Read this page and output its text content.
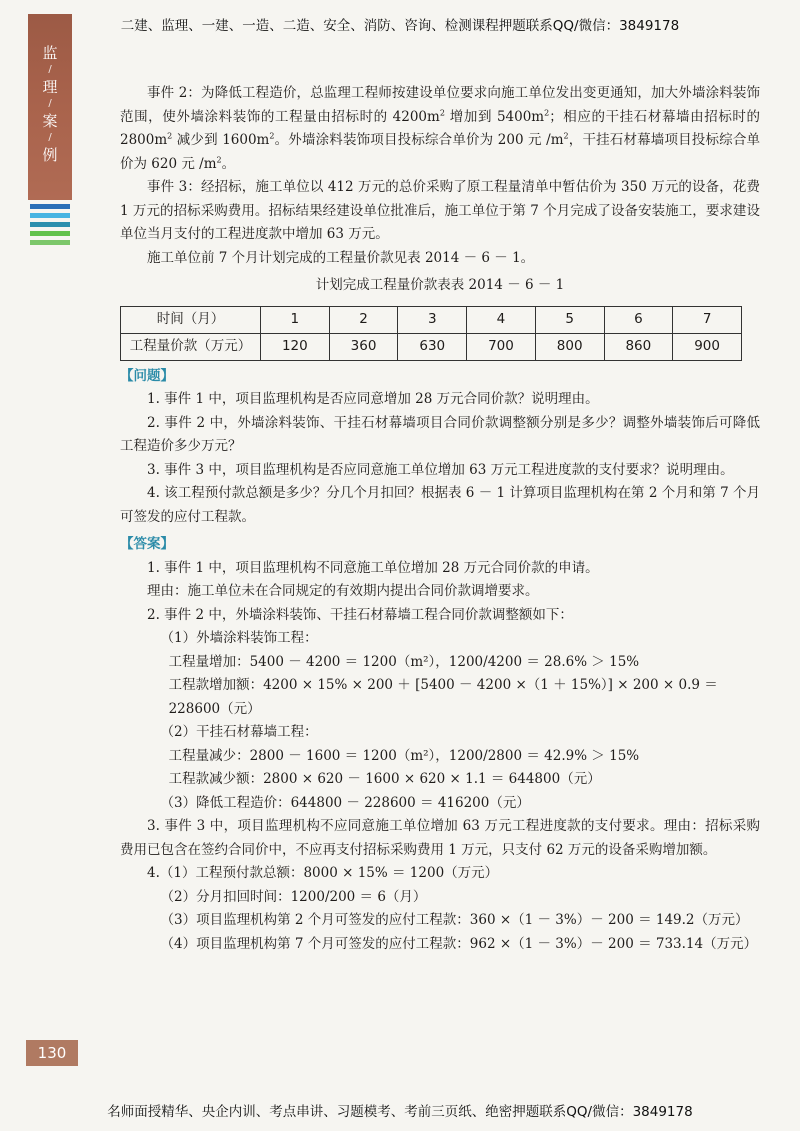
二建、监理、一建、一造、二造、安全、消防、咨询、检测课程押题联系QQ/微信：3849178
监
/
理
/
案
/
例

事件 2：为降低工程造价，总监理工程师按建设单位要求向施工单位发出变更通知，加大外墙涂料装饰范围，使外墙涂料装饰的工程量由招标时的 $4200m^2$ 增加到 $5400m^2$；相应的干挂石材幕墙由招标时的 $2800m^2$ 减少到 $1600m^2$。外墙涂料装饰项目投标综合单价为 200 元 $/m^2$，干挂石材幕墙项目投标综合单价为 620 元 $/m^2$。

事件 3：经招标，施工单位以 412 万元的总价采购了原工程量清单中暂估价为 350 万元的设备，花费 1 万元的招标采购费用。招标结果经建设单位批准后，施工单位于第 7 个月完成了设备安装施工，要求建设单位当月支付的工程进度款中增加 63 万元。

施工单位前 7 个月计划完成的工程量价款见表 2014 － 6 － 1。

计划完成工程量价款表表 2014 － 6 － 1

时间（月）	1	2	3	4	5	6	7
工程量价款（万元）	120	360	630	700	800	860	900

【问题】

1. 事件 1 中，项目监理机构是否应同意增加 28 万元合同价款？说明理由。

2. 事件 2 中，外墙涂料装饰、干挂石材幕墙项目合同价款调整额分别是多少？调整外墙装饰后可降低工程造价多少万元？

3. 事件 3 中，项目监理机构是否应同意施工单位增加 63 万元工程进度款的支付要求？说明理由。

4. 该工程预付款总额是多少？分几个月扣回？根据表 6 － 1 计算项目监理机构在第 2 个月和第 7 个月可签发的应付工程款。

【答案】

1. 事件 1 中，项目监理机构不同意施工单位增加 28 万元合同价款的申请。

理由：施工单位未在合同规定的有效期内提出合同价款调增要求。

2. 事件 2 中，外墙涂料装饰、干挂石材幕墙工程合同价款调整额如下：

（1）外墙涂料装饰工程：

工程量增加：5400 － 4200 ＝ 1200（m²），1200/4200 ＝ 28.6% ＞ 15%

工程款增加额：4200 × 15% × 200 ＋ [5400 － 4200 ×（1 ＋ 15%）] × 200 × 0.9 ＝ 228600（元）

（2）干挂石材幕墙工程：

工程量减少：2800 － 1600 ＝ 1200（m²），1200/2800 ＝ 42.9% ＞ 15%

工程款减少额：2800 × 620 － 1600 × 620 × 1.1 ＝ 644800（元）

（3）降低工程造价：644800 － 228600 ＝ 416200（元）

3. 事件 3 中，项目监理机构不应同意施工单位增加 63 万元工程进度款的支付要求。理由：招标采购费用已包含在签约合同价中，不应再支付招标采购费用 1 万元，只支付 62 万元的设备采购增加额。

4.（1）工程预付款总额：8000 × 15% ＝ 1200（万元）

（2）分月扣回时间：1200/200 ＝ 6（月）

（3）项目监理机构第 2 个月可签发的应付工程款：360 ×（1 － 3%）－ 200 ＝ 149.2（万元）

（4）项目监理机构第 7 个月可签发的应付工程款：962 ×（1 － 3%）－ 200 ＝ 733.14（万元）

130
名师面授精华、央企内训、考点串讲、习题模考、考前三页纸、绝密押题联系QQ/微信：3849178
